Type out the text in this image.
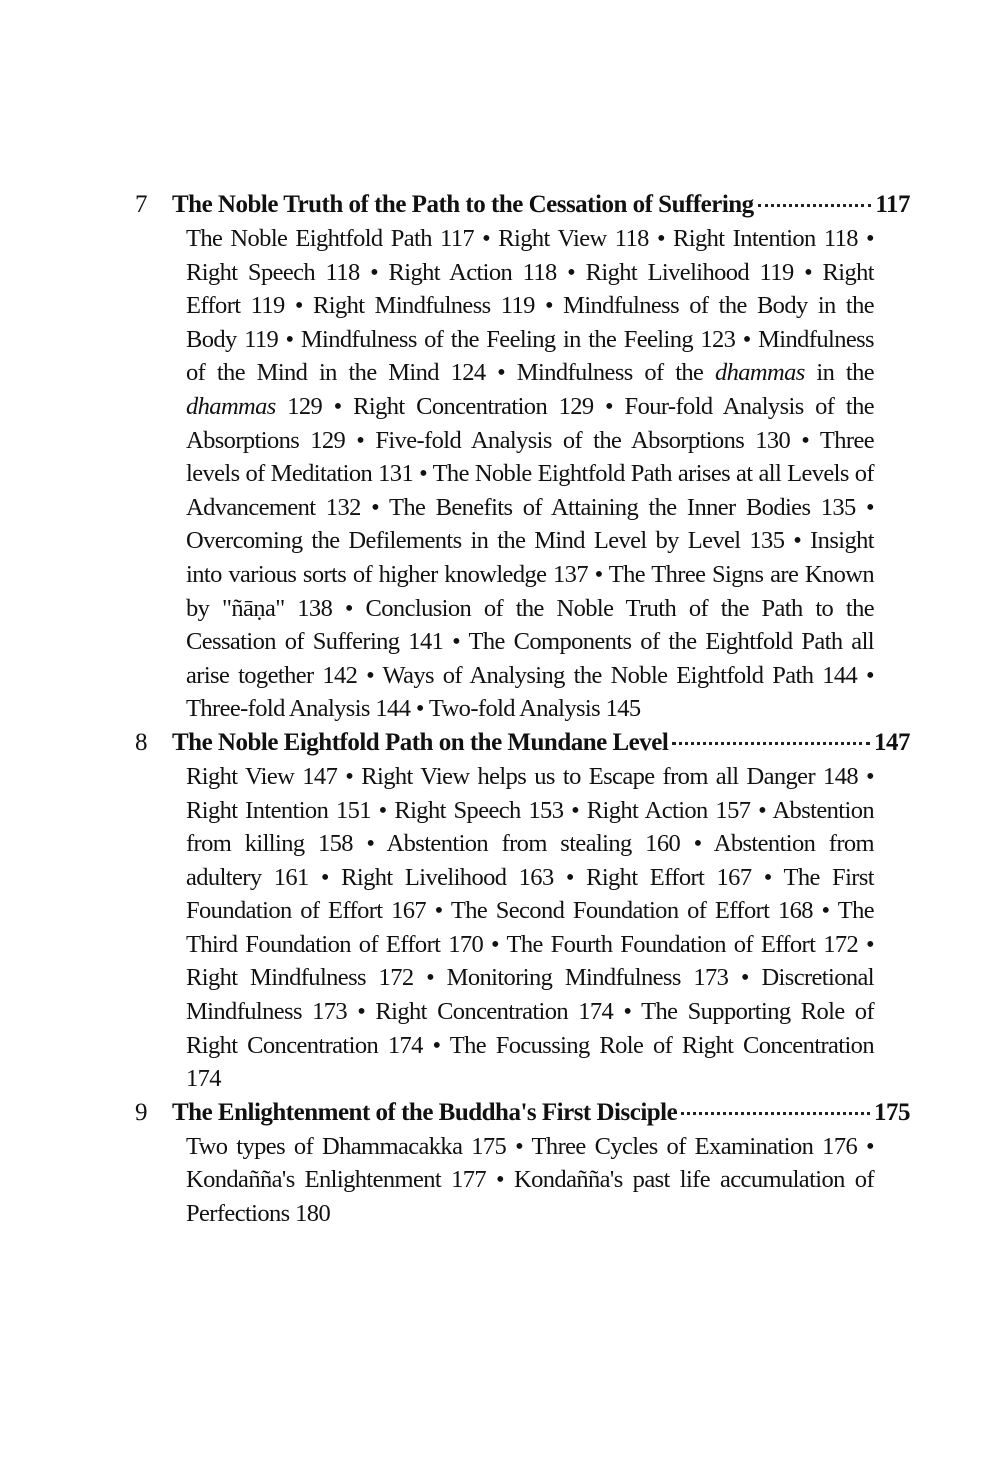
7 The Noble Truth of the Path to the Cessation of Suffering	117
The Noble Eightfold Path 117 • Right View 118 • Right Intention 118 • Right Speech 118 • Right Action 118 • Right Livelihood 119 • Right Effort 119 • Right Mindfulness 119 • Mindfulness of the Body in the Body 119 • Mindfulness of the Feeling in the Feeling 123 • Mindfulness of the Mind in the Mind 124 • Mindfulness of the dhammas in the dhammas 129 • Right Concentration 129 • Four-fold Analysis of the Absorptions 129 • Five-fold Analysis of the Absorptions 130 • Three levels of Meditation 131 • The Noble Eightfold Path arises at all Levels of Advancement 132 • The Benefits of Attaining the Inner Bodies 135 • Overcoming the Defilements in the Mind Level by Level 135 • Insight into various sorts of higher knowledge 137 • The Three Signs are Known by "ñāṇa" 138 • Conclusion of the Noble Truth of the Path to the Cessation of Suffering 141 • The Components of the Eightfold Path all arise together 142 • Ways of Analysing the Noble Eightfold Path 144 • Three-fold Analysis 144 • Two-fold Analysis 145
8 The Noble Eightfold Path on the Mundane Level	147
Right View 147 • Right View helps us to Escape from all Danger 148 • Right Intention 151 • Right Speech 153 • Right Action 157 • Abstention from killing 158 • Abstention from stealing 160 • Abstention from adultery 161 • Right Livelihood 163 • Right Effort 167 • The First Foundation of Effort 167 • The Second Foundation of Effort 168 • The Third Foundation of Effort 170 • The Fourth Foundation of Effort 172 • Right Mindfulness 172 • Monitoring Mindfulness 173 • Discretional Mindfulness 173 • Right Concentration 174 • The Supporting Role of Right Concentration 174 • The Focussing Role of Right Concentration 174
9 The Enlightenment of the Buddha's First Disciple	175
Two types of Dhammacakka 175 • Three Cycles of Examination 176 • Kondañña's Enlightenment 177 • Kondañña's past life accumulation of Perfections 180
